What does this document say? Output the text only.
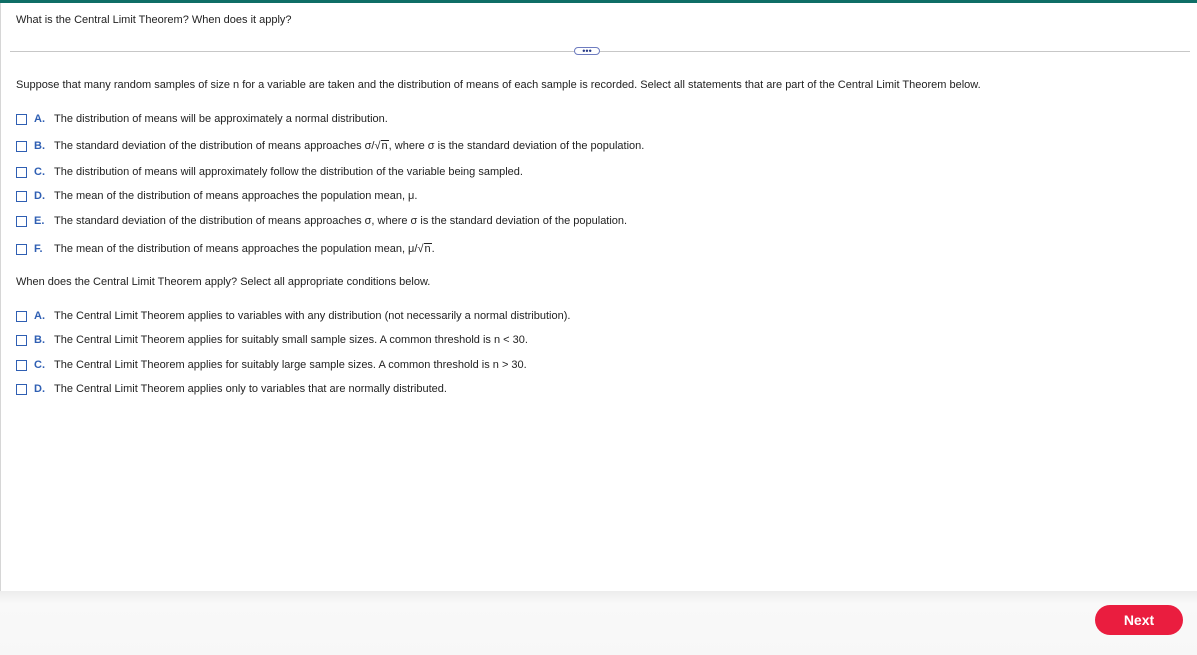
What is the Central Limit Theorem? When does it apply?
•••
Suppose that many random samples of size n for a variable are taken and the distribution of means of each sample is recorded. Select all statements that are part of the Central Limit Theorem below.
A. The distribution of means will be approximately a normal distribution.
B. The standard deviation of the distribution of means approaches σ/√n, where σ is the standard deviation of the population.
C. The distribution of means will approximately follow the distribution of the variable being sampled.
D. The mean of the distribution of means approaches the population mean, μ.
E. The standard deviation of the distribution of means approaches σ, where σ is the standard deviation of the population.
F.	The mean of the distribution of means approaches the population mean, μ/√n.
When does the Central Limit Theorem apply? Select all appropriate conditions below.
A. The Central Limit Theorem applies to variables with any distribution (not necessarily a normal distribution).
B. The Central Limit Theorem applies for suitably small sample sizes. A common threshold is n < 30.
C. The Central Limit Theorem applies for suitably large sample sizes. A common threshold is n > 30.
D. The Central Limit Theorem applies only to variables that are normally distributed.
Next
